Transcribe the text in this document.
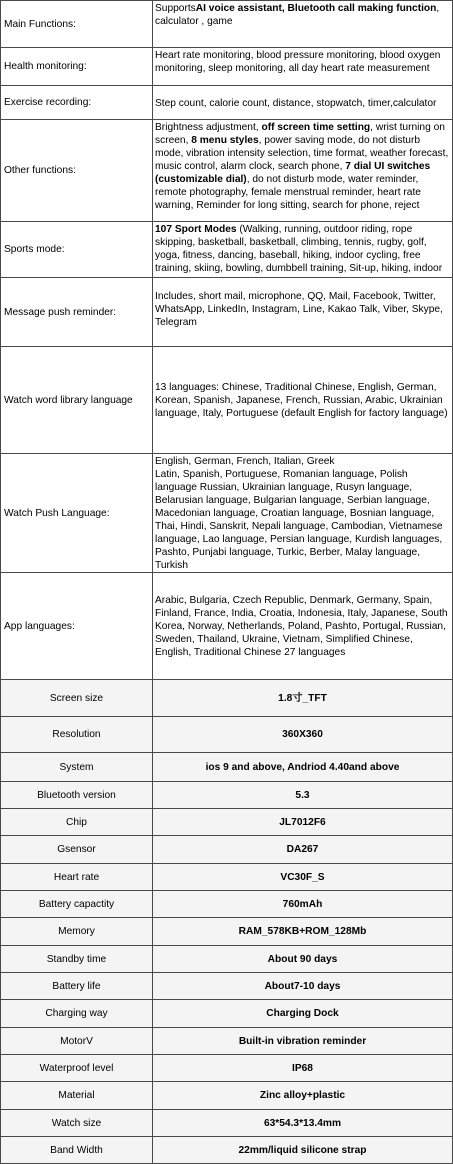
Main Functions:	SupportsAI voice assistant, Bluetooth call making function, calculator , game
Health monitoring:	Heart rate monitoring, blood pressure monitoring, blood oxygen monitoring, sleep monitoring, all day heart rate measurement
Exercise recording:	Step count, calorie count, distance, stopwatch, timer,calculator
Other functions:	Brightness adjustment, off screen time setting, wrist turning on screen, 8 menu styles, power saving mode, do not disturb mode, vibration intensity selection, time format, weather forecast, music control, alarm clock, search phone, 7 dial UI switches (customizable dial), do not disturb mode, water reminder, remote photography, female menstrual reminder, heart rate warning, Reminder for long sitting, search for phone, reject
Sports mode:	107 Sport Modes (Walking, running, outdoor riding, rope skipping, basketball, basketball, climbing, tennis, rugby, golf, yoga, fitness, dancing, baseball, hiking, indoor cycling, free training, skiing, bowling, dumbbell training, Sit-up, hiking, indoor
Message push reminder:	Includes, short mail, microphone, QQ, Mail, Facebook, Twitter, WhatsApp, LinkedIn, Instagram, Line, Kakao Talk, Viber, Skype, Telegram
Watch word library language	13 languages: Chinese, Traditional Chinese, English, German, Korean, Spanish, Japanese, French, Russian, Arabic, Ukrainian language, Italy, Portuguese (default English for factory language)
Watch Push Language:	English, German, French, Italian, Greek
Latin, Spanish, Portuguese, Romanian language, Polish language Russian, Ukrainian language, Rusyn language, Belarusian language, Bulgarian language, Serbian language, Macedonian language, Croatian language, Bosnian language, Thai, Hindi, Sanskrit, Nepali language, Cambodian, Vietnamese language, Lao language, Persian language, Kurdish languages, Pashto, Punjabi language, Turkic, Berber, Malay language, Turkish
App languages:	Arabic, Bulgaria, Czech Republic, Denmark, Germany, Spain, Finland, France, India, Croatia, Indonesia, Italy, Japanese, South Korea, Norway, Netherlands, Poland, Pashto, Portugal, Russian, Sweden, Thailand, Ukraine, Vietnam, Simplified Chinese, English, Traditional Chinese 27 languages
Screen size	1.8寸_TFT
Resolution	360X360
System	ios 9 and above, Andriod 4.40and above
Bluetooth version	5.3
Chip	JL7012F6
Gsensor	DA267
Heart rate	VC30F_S
Battery capactity	760mAh
Memory	RAM_578KB+ROM_128Mb
Standby time	About 90 days
Battery life	About7-10 days
Charging way	Charging Dock
MotorV	Built-in vibration reminder
Waterproof level	IP68
Material	Zinc alloy+plastic
Watch size	63*54.3*13.4mm
Band Width	22mm/liquid silicone strap
